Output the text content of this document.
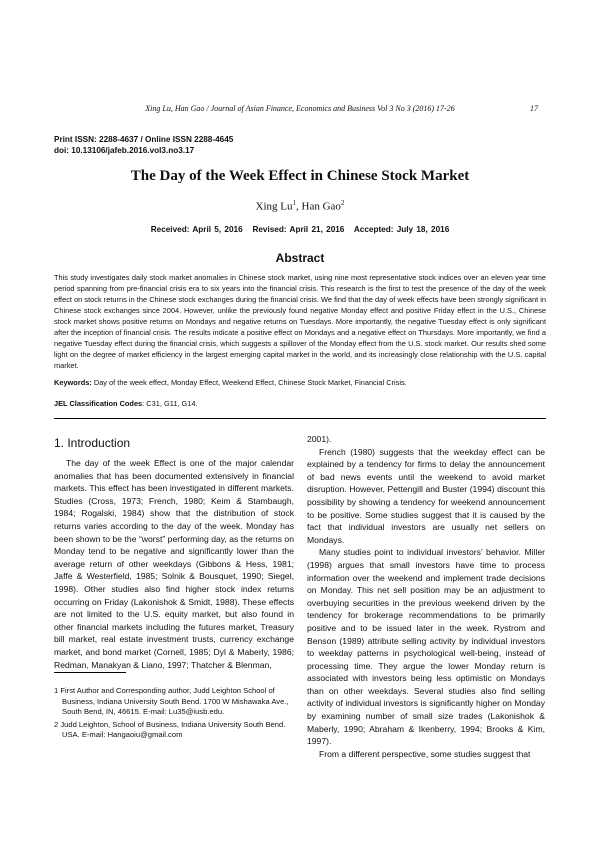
Xing Lu, Han Gao / Journal of Asian Finance, Economics and Business Vol 3 No 3 (2016) 17-26	17
Print ISSN: 2288-4637 / Online ISSN 2288-4645
doi: 10.13106/jafeb.2016.vol3.no3.17
The Day of the Week Effect in Chinese Stock Market
Xing Lu$^1$, Han Gao$^2$
Received: April 5, 2016   Revised: April 21, 2016   Accepted: July 18, 2016
Abstract
This study investigates daily stock market anomalies in Chinese stock market, using nine most representative stock indices over an eleven year time period spanning from pre-financial crisis era to six years into the financial crisis. This research is the first to test the presence of the day of the week effect on stock returns in the Chinese stock exchanges during the financial crisis. We find that the day of week effects have been strongly significant in Chinese stock exchanges since 2004. However, unlike the previously found negative Monday effect and positive Friday effect in the U.S., Chinese stock market shows positive returns on Mondays and negative returns on Tuesdays. More importantly, the negative Tuesday effect is only significant after the inception of financial crisis. The results indicate a positive effect on Mondays and a negative effect on Thursdays. More importantly, we find a negative Tuesday effect during the financial crisis, which suggests a spillover of the Monday effect from the U.S. stock market. Our results shed some light on the degree of market efficiency in the largest emerging capital market in the world, and its increasingly close relationship with the U.S. capital market.
Keywords: Day of the week effect, Monday Effect, Weekend Effect, Chinese Stock Market, Financial Crisis.
JEL Classification Codes: C31, G11, G14.
1. Introduction

The day of the week Effect is one of the major calendar anomalies that has been documented extensively in financial markets. This effect has been investigated in different markets. Studies (Cross, 1973; French, 1980; Keim & Stambaugh, 1984; Rogalski, 1984) show that the distribution of stock returns varies according to the day of the week. Monday has been shown to be the “worst” performing day, as the returns on Monday tend to be negative and significantly lower than the average return of other weekdays (Gibbons & Hess, 1981; Jaffe & Westerfield, 1985; Solnik & Bousquet, 1990; Siegel, 1998). Other studies also find higher stock index returns occurring on Friday (Lakonishok & Smidt, 1988). These effects are not limited to the U.S. equity market, but also found in other financial markets including the futures market, Treasury bill market, real estate investment trusts, currency exchange market, and bond market (Cornell, 1985; Dyl & Maberly, 1986; Redman, Manakyan & Liano, 1997; Thatcher & Blenman,

1 First Author and Corresponding author, Judd Leighton School of Business, Indiana University South Bend. 1700 W Mishawaka Ave., South Bend, IN, 46615. E-mail: Lu35@iusb.edu.

2 Judd Leighton, School of Business, Indiana University South Bend. USA. E-mail: Hangaoiu@gmail.com

2001).

French (1980) suggests that the weekday effect can be explained by a tendency for firms to delay the announcement of bad news events until the weekend to avoid market disruption. However, Pettengill and Buster (1994) discount this possibility by showing a tendency for weekend announcement to be positive. Some studies suggest that it is caused by the fact that individual investors are usually net sellers on Mondays.

Many studies point to individual investors’ behavior. Miller (1998) argues that small investors have time to process information over the weekend and implement trade decisions on Monday. This net sell position may be an adjustment to overbuying securities in the previous weekend driven by the tendency for brokerage recommendations to be primarily positive and to be issued later in the week. Rystrom and Benson (1989) attribute selling activity by individual investors to weekday patterns in psychological well-being, instead of processing time. They argue the lower Monday return is associated with investors being less optimistic on Mondays than on other weekdays. Several studies also find selling activity of individual investors is significantly higher on Monday by examining number of small size trades (Lakonishok & Maberly, 1990; Abraham & Ikenberry, 1994; Brooks & Kim, 1997).

From a different perspective, some studies suggest that
